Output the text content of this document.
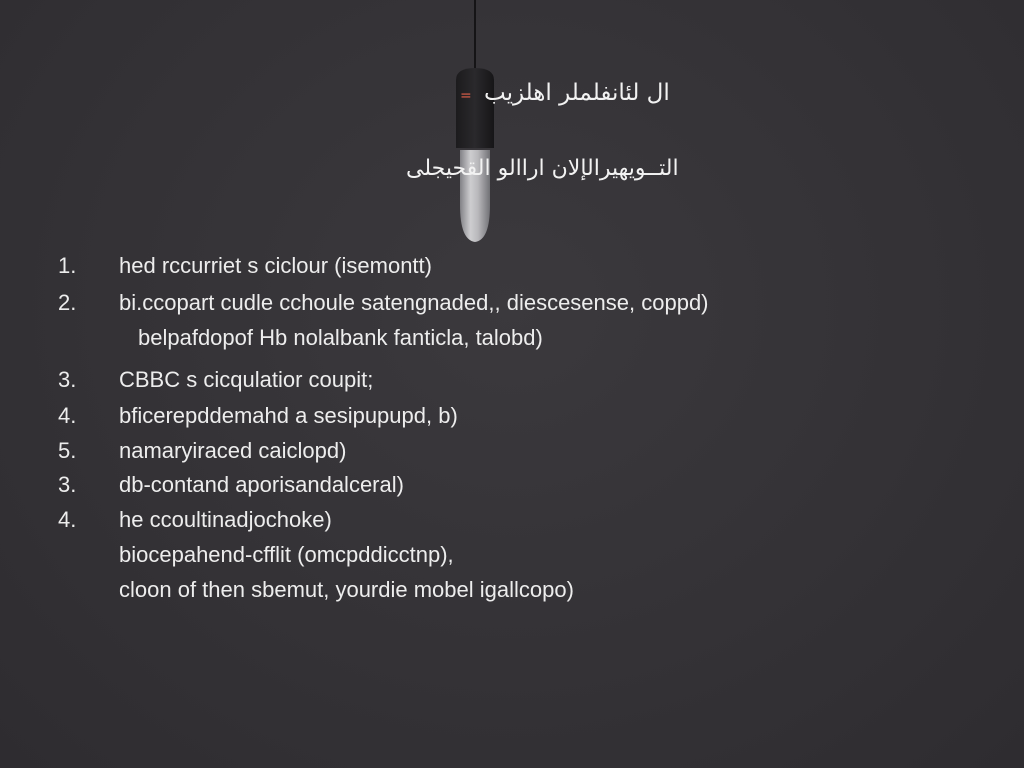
= ال لئانفلملر اهلزيب
التــويهيرالإلان اراالو القحيجلى
1. hed rccurriet s ciclour (isemontt)
2. bi.ccopart cudle cchoule satengnaded,, diescesense, coppd)
belpafdopof Hb nolalbank fanticla, talobd)
3. CBBC s cicqulatior coupit;
4. bficerepddemahd a sesipupupd, b)
5. namaryiraced caiclopd)
3. db-contand aporisandalceral)
4. he ccoultinadjochoke)
biocepahend-cfflit (omcpddicctnp),
cloon of then sbemut, yourdie mobel igallcopo)
